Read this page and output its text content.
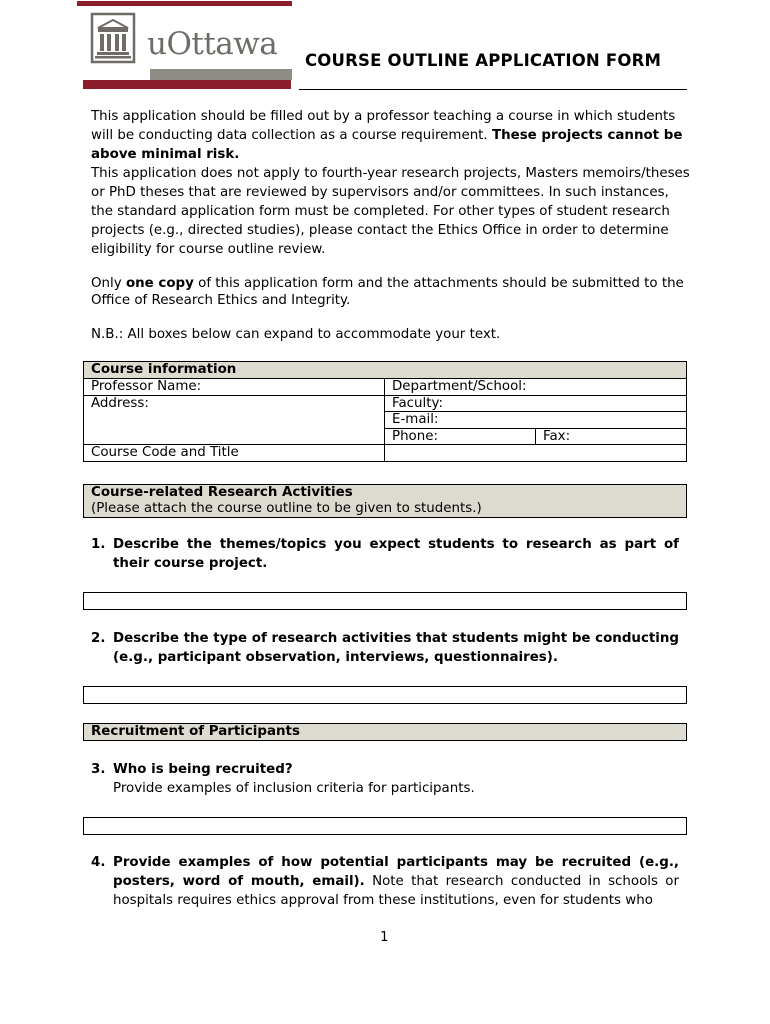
uOttawa COURSE OUTLINE APPLICATION FORM
This application should be filled out by a professor teaching a course in which students will be conducting data collection as a course requirement. These projects cannot be above minimal risk.
This application does not apply to fourth-year research projects, Masters memoirs/theses or PhD theses that are reviewed by supervisors and/or committees. In such instances, the standard application form must be completed. For other types of student research projects (e.g., directed studies), please contact the Ethics Office in order to determine eligibility for course outline review.
Only one copy of this application form and the attachments should be submitted to the Office of Research Ethics and Integrity.
N.B.: All boxes below can expand to accommodate your text.
Course information		
Professor Name:	Department/School:	
Address:	Faculty:	
	E-mail:	
	Phone:	Fax:
Course Code and Title		
Course-related Research Activities
(Please attach the course outline to be given to students.)
1. Describe the themes/topics you expect students to research as part of their course project.
2. Describe the type of research activities that students might be conducting (e.g., participant observation, interviews, questionnaires).
Recruitment of Participants
3. Who is being recruited?
Provide examples of inclusion criteria for participants.
4. Provide examples of how potential participants may be recruited (e.g., posters, word of mouth, email). Note that research conducted in schools or hospitals requires ethics approval from these institutions, even for students who
1
